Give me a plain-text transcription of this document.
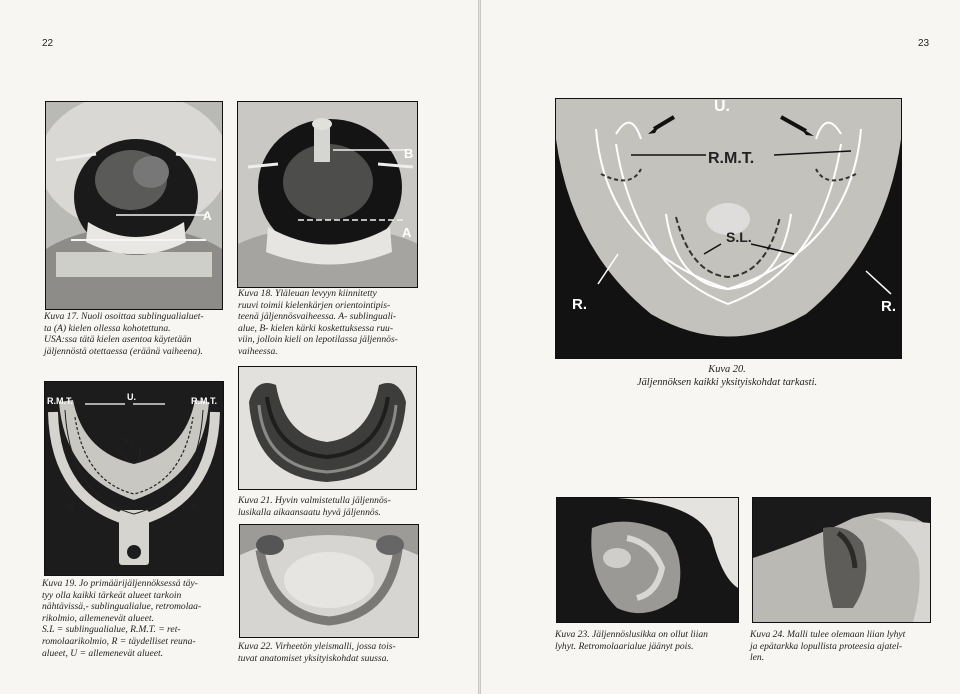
22	23
A
Kuva 17. Nuoli osoittaa sublingualialuet-
ta (A) kielen ollessa kohotettuna.
USA:ssa tätä kielen asentoa käytetään
jäljennöstä otettaessa (eräänä vaiheena).
B
A
Kuva 18. Yläleuan levyyn kiinnitetty
ruuvi toimii kielenkärjen orientointipis-
teenä jäljennösvaiheessa. A- sublinguali-
alue, B- kielen kärki koskettuksessa ruu-
viin, jolloin kieli on lepotilassa jäljennös-
vaiheessa.
R.M.T.	U.	R.M.T.
S.L.
R.	R.
Kuva 19. Jo primäärijäljennöksessä täy-
tyy olla kaikki tärkeät alueet tarkoin
nähtävissä,- sublingualialue, retromolaa-
rikolmio, allemenevät alueet.
S.L = sublingualialue, R.M.T. = ret-
romolaarikolmio, R = täydelliset reuna-
alueet, U = allemenevät alueet.
Kuva 21. Hyvin valmistetulla jäljennös-
lusikalla aikaansaatu hyvä jäljennös.
Kuva 22. Virheetön yleismalli, jossa tois-
tuvat anatomiset yksityiskohdat suussa.
U.
R.M.T.
S.L.
R.	R.
Kuva 20.
Jäljennöksen kaikki yksityiskohdat tarkasti.
Kuva 23. Jäljennöslusikka on ollut liian
lyhyt. Retromolaarialue jäänyt pois.
Kuva 24. Malli tulee olemaan liian lyhyt
ja epätarkka lopullista proteesia ajatel-
len.
